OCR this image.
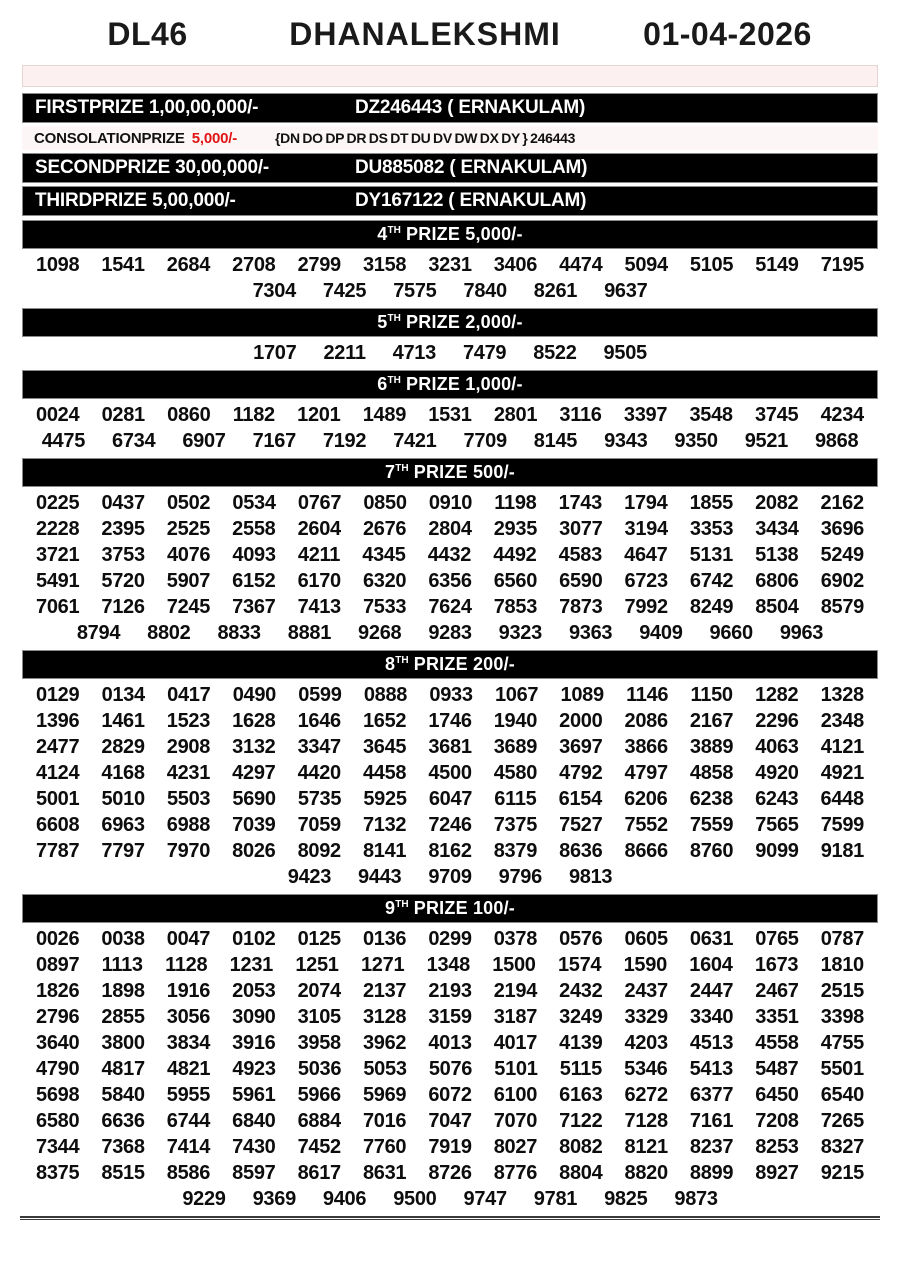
DL46	DHANALEKSHMI	01-04-2026
FIRSTPRIZE 1,00,00,000/-	DZ246443 ( ERNAKULAM)
CONSOLATIONPRIZE 5,000/-	{DN DO DP DR DS DT DU DV DW DX DY } 246443
SECONDPRIZE 30,00,000/-	DU885082 ( ERNAKULAM)
THIRDPRIZE 5,00,000/-	DY167122 ( ERNAKULAM)
4TH PRIZE 5,000/-
1098 1541 2684 2708 2799 3158 3231 3406 4474 5094 5105 5149 7195
7304 7425 7575 7840 8261 9637
5TH PRIZE 2,000/-
1707 2211 4713 7479 8522 9505
6TH PRIZE 1,000/-
0024 0281 0860 1182 1201 1489 1531 2801 3116 3397 3548 3745 4234
4475 6734 6907 7167 7192 7421 7709 8145 9343 9350 9521 9868
7TH PRIZE 500/-
0225 0437 0502 0534 0767 0850 0910 1198 1743 1794 1855 2082 2162
2228 2395 2525 2558 2604 2676 2804 2935 3077 3194 3353 3434 3696
3721 3753 4076 4093 4211 4345 4432 4492 4583 4647 5131 5138 5249
5491 5720 5907 6152 6170 6320 6356 6560 6590 6723 6742 6806 6902
7061 7126 7245 7367 7413 7533 7624 7853 7873 7992 8249 8504 8579
8794 8802 8833 8881 9268 9283 9323 9363 9409 9660 9963
8TH PRIZE 200/-
0129 0134 0417 0490 0599 0888 0933 1067 1089 1146 1150 1282 1328
1396 1461 1523 1628 1646 1652 1746 1940 2000 2086 2167 2296 2348
2477 2829 2908 3132 3347 3645 3681 3689 3697 3866 3889 4063 4121
4124 4168 4231 4297 4420 4458 4500 4580 4792 4797 4858 4920 4921
5001 5010 5503 5690 5735 5925 6047 6115 6154 6206 6238 6243 6448
6608 6963 6988 7039 7059 7132 7246 7375 7527 7552 7559 7565 7599
7787 7797 7970 8026 8092 8141 8162 8379 8636 8666 8760 9099 9181
9423 9443 9709 9796 9813
9TH PRIZE 100/-
0026 0038 0047 0102 0125 0136 0299 0378 0576 0605 0631 0765 0787
0897 1113 1128 1231 1251 1271 1348 1500 1574 1590 1604 1673 1810
1826 1898 1916 2053 2074 2137 2193 2194 2432 2437 2447 2467 2515
2796 2855 3056 3090 3105 3128 3159 3187 3249 3329 3340 3351 3398
3640 3800 3834 3916 3958 3962 4013 4017 4139 4203 4513 4558 4755
4790 4817 4821 4923 5036 5053 5076 5101 5115 5346 5413 5487 5501
5698 5840 5955 5961 5966 5969 6072 6100 6163 6272 6377 6450 6540
6580 6636 6744 6840 6884 7016 7047 7070 7122 7128 7161 7208 7265
7344 7368 7414 7430 7452 7760 7919 8027 8082 8121 8237 8253 8327
8375 8515 8586 8597 8617 8631 8726 8776 8804 8820 8899 8927 9215
9229 9369 9406 9500 9747 9781 9825 9873
